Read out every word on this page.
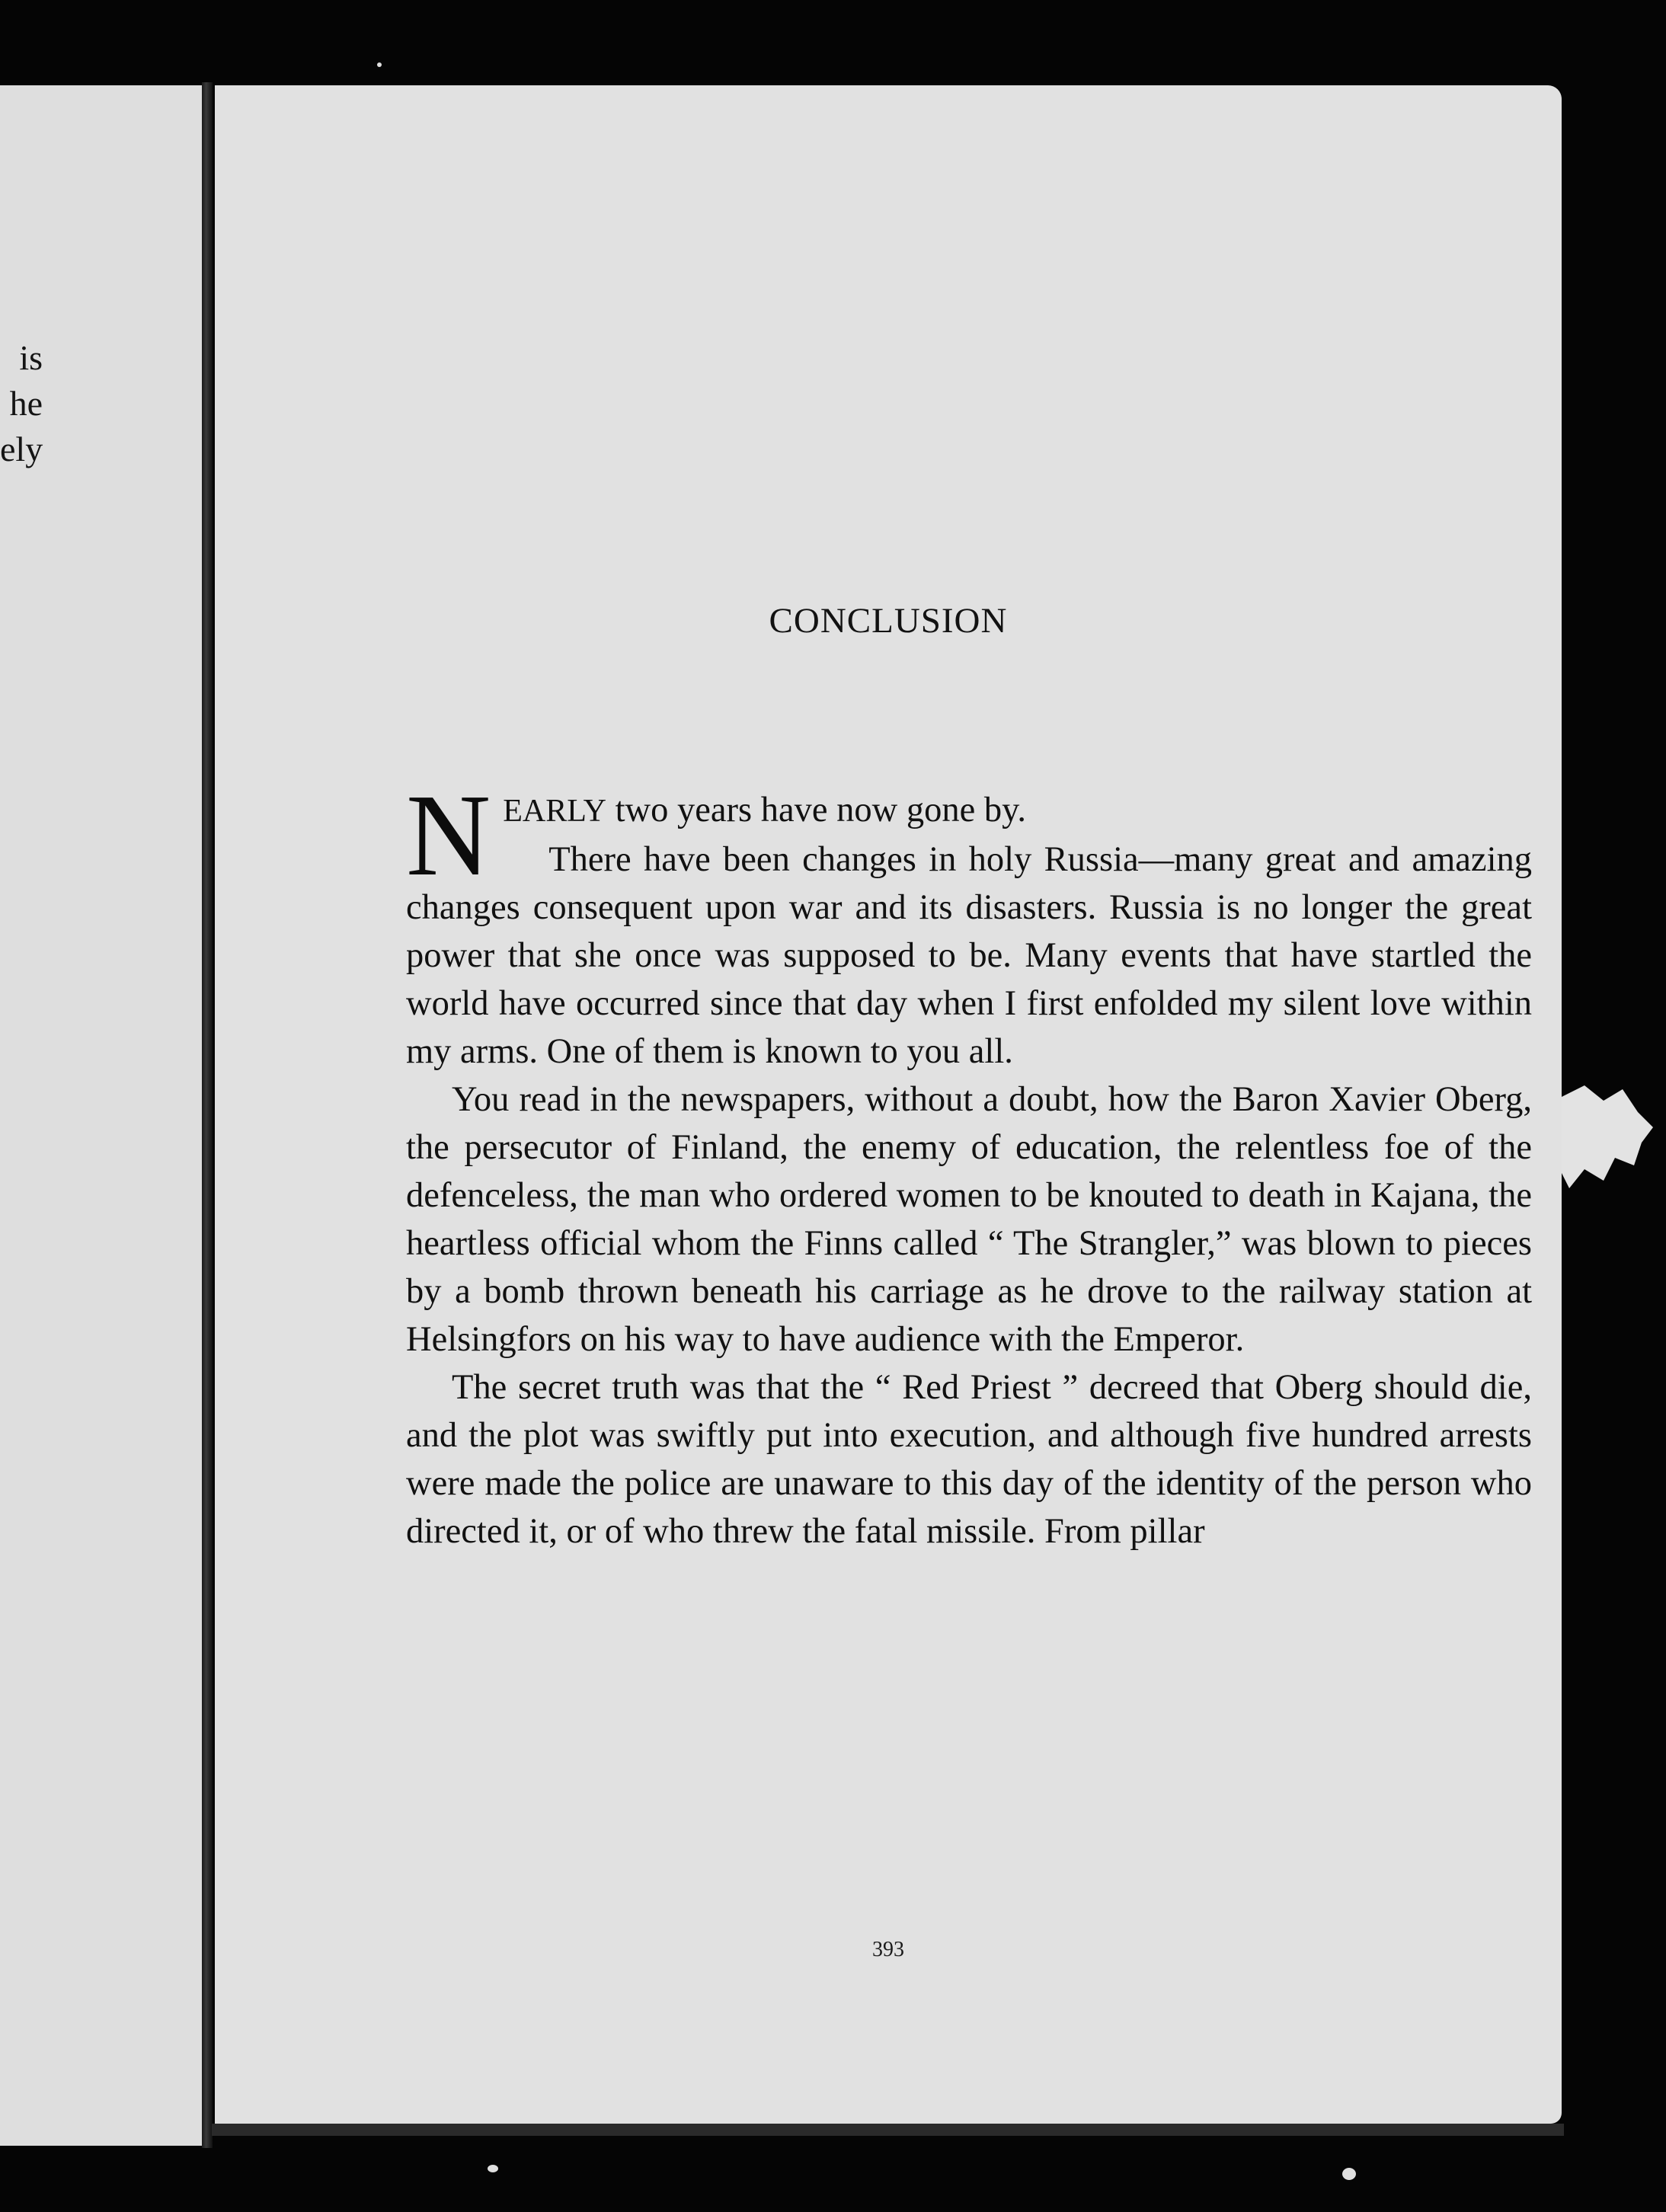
is
he
ely
CONCLUSION

NEARLY two years have now gone by.

There have been changes in holy Russia—many great and amazing changes consequent upon war and its disasters. Russia is no longer the great power that she once was supposed to be. Many events that have startled the world have occurred since that day when I first enfolded my silent love within my arms. One of them is known to you all.

You read in the newspapers, without a doubt, how the Baron Xavier Oberg, the persecutor of Finland, the enemy of education, the relentless foe of the defenceless, the man who ordered women to be knouted to death in Kajana, the heartless official whom the Finns called “ The Strangler,” was blown to pieces by a bomb thrown beneath his carriage as he drove to the railway station at Helsingfors on his way to have audience with the Emperor.

The secret truth was that the “ Red Priest ” decreed that Oberg should die, and the plot was swiftly put into execution, and although five hundred arrests were made the police are unaware to this day of the identity of the person who directed it, or of who threw the fatal missile. From pillar

393
